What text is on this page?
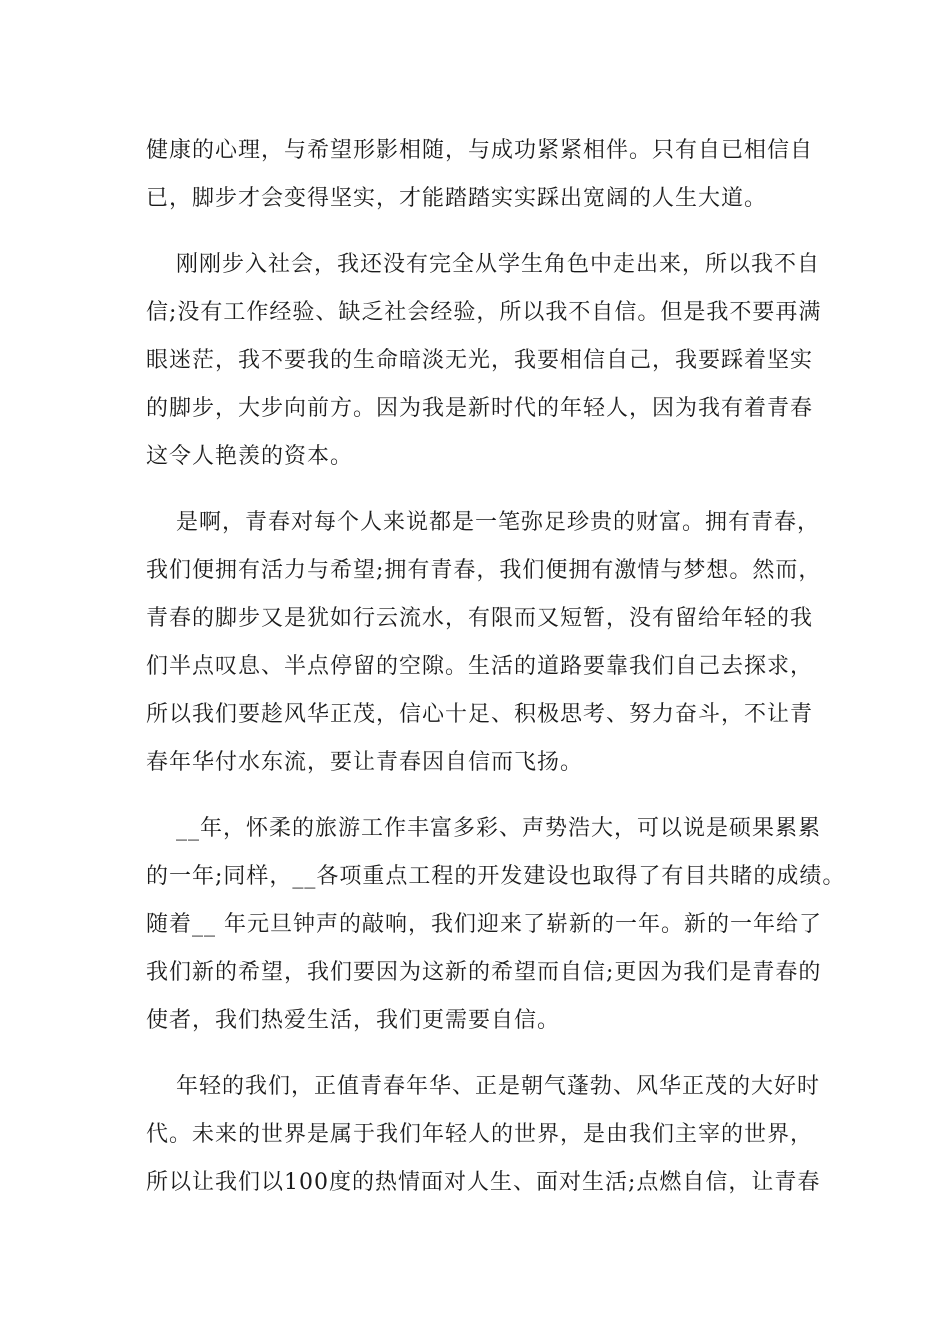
健康的心理，与希望形影相随，与成功紧紧相伴。只有自已相信自
已，脚步才会变得坚实，才能踏踏实实踩出宽阔的人生大道。
刚刚步入社会，我还没有完全从学生角色中走出来，所以我不自
信;没有工作经验、缺乏社会经验，所以我不自信。但是我不要再满
眼迷茫，我不要我的生命暗淡无光，我要相信自己，我要踩着坚实
的脚步，大步向前方。因为我是新时代的年轻人，因为我有着青春
这令人艳羡的资本。
是啊，青春对每个人来说都是一笔弥足珍贵的财富。拥有青春，
我们便拥有活力与希望;拥有青春，我们便拥有激情与梦想。然而，
青春的脚步又是犹如行云流水，有限而又短暂，没有留给年轻的我
们半点叹息、半点停留的空隙。生活的道路要靠我们自己去探求，
所以我们要趁风华正茂，信心十足、积极思考、努力奋斗，不让青
春年华付水东流，要让青春因自信而飞扬。
__年，怀柔的旅游工作丰富多彩、声势浩大，可以说是硕果累累
的一年;同样，__各项重点工程的开发建设也取得了有目共睹的成绩。
随着__ 年元旦钟声的敲响，我们迎来了崭新的一年。新的一年给了
我们新的希望，我们要因为这新的希望而自信;更因为我们是青春的
使者，我们热爱生活，我们更需要自信。
年轻的我们，正值青春年华、正是朝气蓬勃、风华正茂的大好时
代。未来的世界是属于我们年轻人的世界，是由我们主宰的世界，
所以让我们以100度的热情面对人生、面对生活;点燃自信，让青春
